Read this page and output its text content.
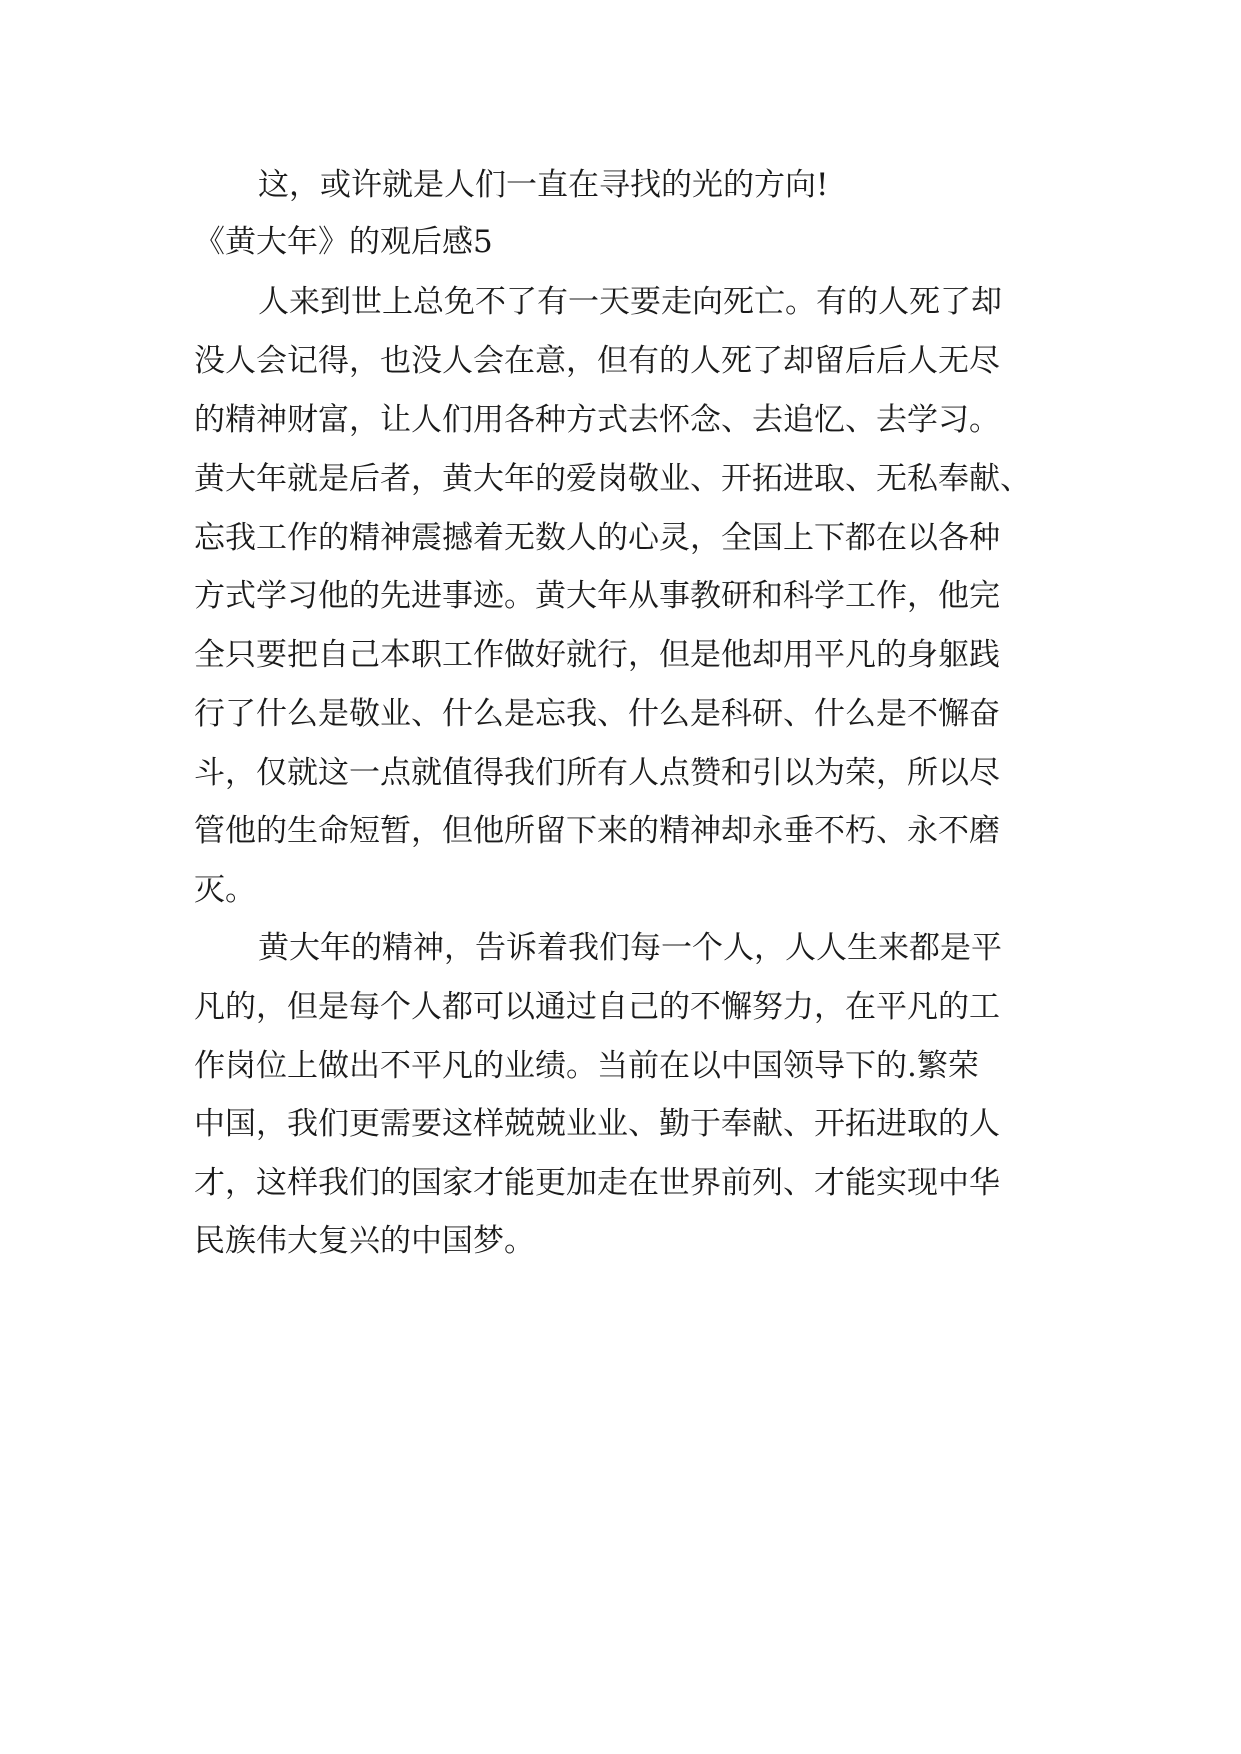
这，或许就是人们一直在寻找的光的方向!
《黄大年》的观后感5
人来到世上总免不了有一天要走向死亡。有的人死了却
没人会记得，也没人会在意，但有的人死了却留后后人无尽
的精神财富，让人们用各种方式去怀念、去追忆、去学习。
黄大年就是后者，黄大年的爱岗敬业、开拓进取、无私奉献、
忘我工作的精神震撼着无数人的心灵，全国上下都在以各种
方式学习他的先进事迹。黄大年从事教研和科学工作，他完
全只要把自己本职工作做好就行，但是他却用平凡的身躯践
行了什么是敬业、什么是忘我、什么是科研、什么是不懈奋
斗，仅就这一点就值得我们所有人点赞和引以为荣，所以尽
管他的生命短暂，但他所留下来的精神却永垂不朽、永不磨
灭。
黄大年的精神，告诉着我们每一个人，人人生来都是平
凡的，但是每个人都可以通过自己的不懈努力，在平凡的工
作岗位上做出不平凡的业绩。当前在以中国领导下的.繁荣
中国，我们更需要这样兢兢业业、勤于奉献、开拓进取的人
才，这样我们的国家才能更加走在世界前列、才能实现中华
民族伟大复兴的中国梦。
